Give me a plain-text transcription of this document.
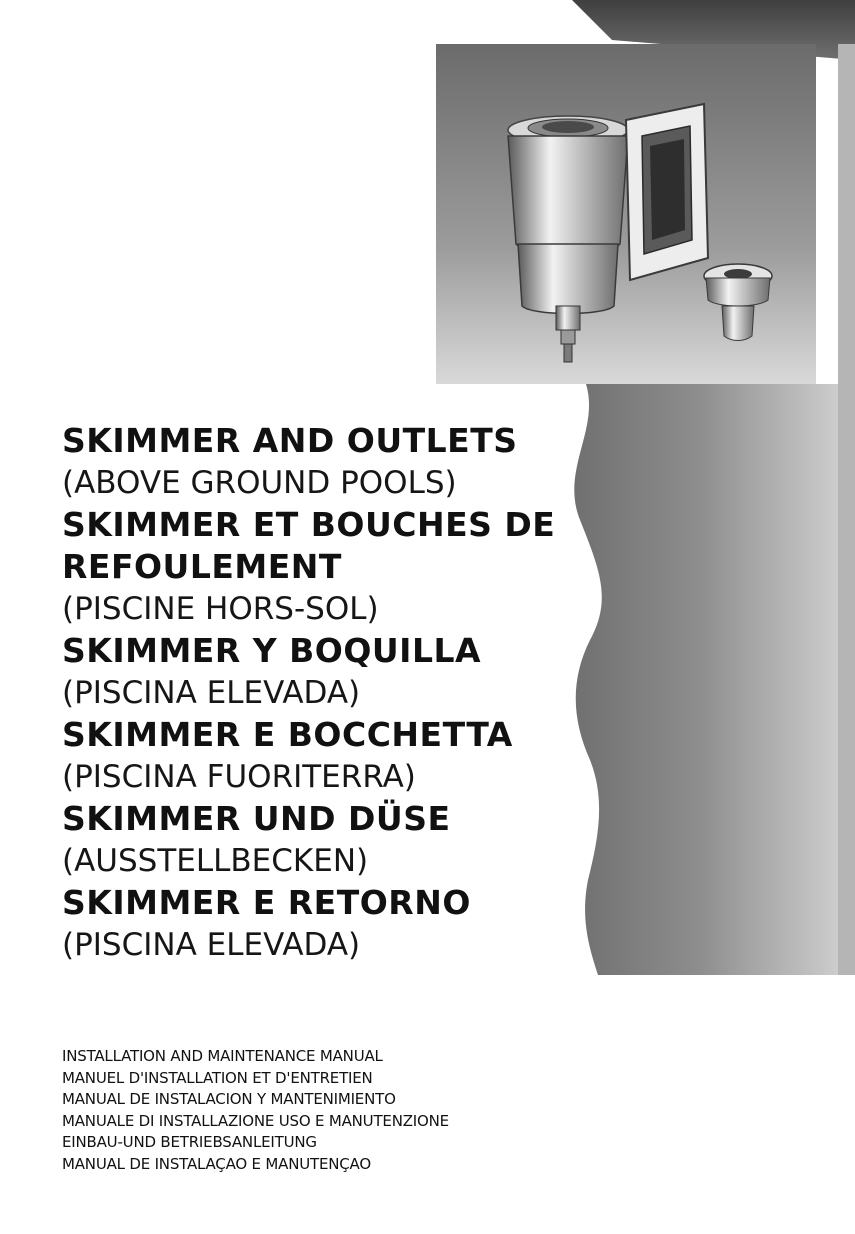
SKIMMER AND OUTLETS

(ABOVE GROUND POOLS)

SKIMMER ET BOUCHES DE

REFOULEMENT

(PISCINE HORS-SOL)

SKIMMER Y BOQUILLA

(PISCINA ELEVADA)

SKIMMER E BOCCHETTA

(PISCINA FUORITERRA)

SKIMMER UND DÜSE

(AUSSTELLBECKEN)

SKIMMER E RETORNO

(PISCINA ELEVADA)

INSTALLATION AND MAINTENANCE MANUAL
MANUEL D'INSTALLATION ET D'ENTRETIEN
MANUAL DE INSTALACION Y MANTENIMIENTO
MANUALE DI INSTALLAZIONE USO E MANUTENZIONE
EINBAU-UND BETRIEBSANLEITUNG
MANUAL DE INSTALAÇAO E MANUTENÇAO
